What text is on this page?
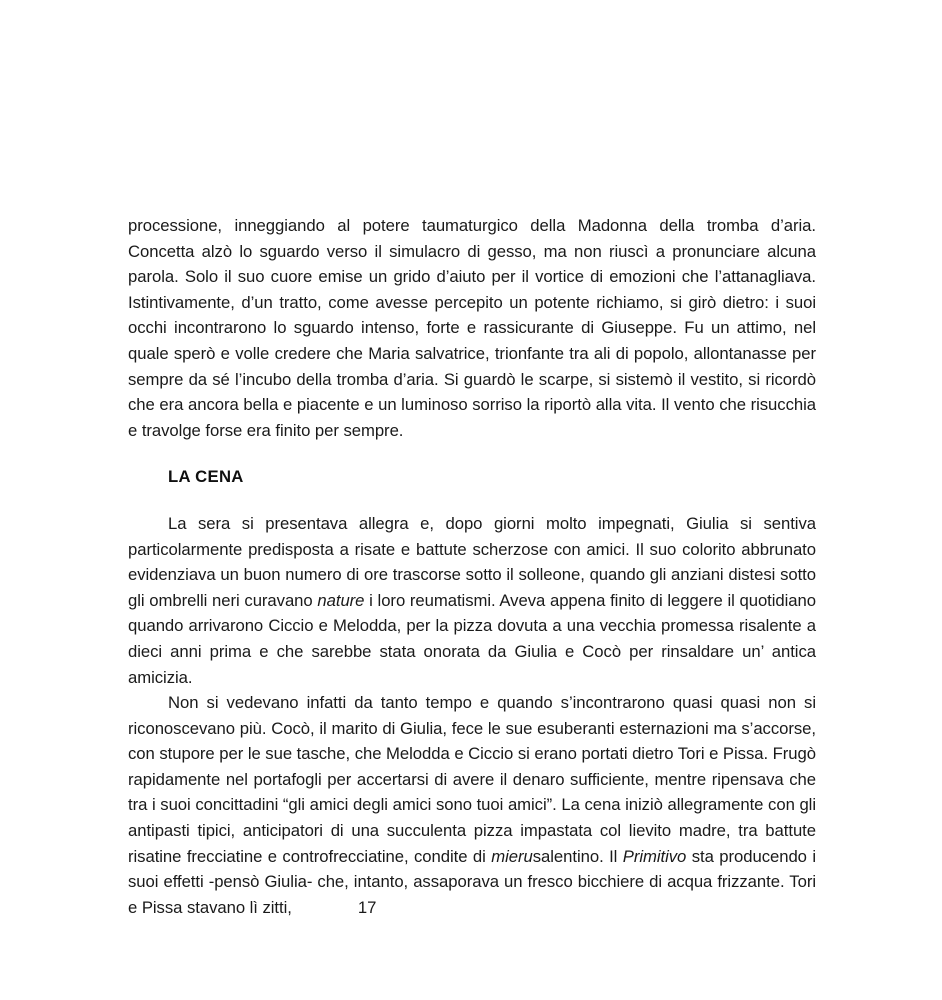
processione, inneggiando al potere taumaturgico della Madonna della tromba d’aria. Concetta alzò lo sguardo verso il simulacro di gesso, ma non riuscì a pronunciare alcuna parola. Solo il suo cuore emise un grido d’aiuto per il vortice di emozioni che l’attanagliava. Istintivamente, d’un tratto, come avesse percepito un potente richiamo, si girò dietro: i suoi occhi incontrarono lo sguardo intenso, forte e rassicurante di Giuseppe. Fu un attimo, nel quale sperò e volle credere che Maria salvatrice, trionfante tra ali di popolo, allontanasse per sempre da sé l’incubo della tromba d’aria. Si guardò le scarpe, si sistemò il vestito, si ricordò che era ancora bella e piacente e un luminoso sorriso la riportò alla vita. Il vento che risucchia e travolge forse era finito per sempre.

LA CENA

La sera si presentava allegra e, dopo giorni molto impegnati, Giulia si sentiva particolarmente predisposta a risate e battute scherzose con amici. Il suo colorito abbrunato evidenziava un buon numero di ore trascorse sotto il solleone, quando gli anziani distesi sotto gli ombrelli neri curavano nature i loro reumatismi. Aveva appena finito di leggere il quotidiano quando arrivarono Ciccio e Melodda, per la pizza dovuta a una vecchia promessa risalente a dieci anni prima e che sarebbe stata onorata da Giulia e Cocò per rinsaldare un’ antica amicizia.

Non si vedevano infatti da tanto tempo e quando s’incontrarono quasi quasi non si riconoscevano più. Cocò, il marito di Giulia, fece le sue esuberanti esternazioni ma s’accorse, con stupore per le sue tasche, che Melodda e Ciccio si erano portati dietro Tori e Pissa. Frugò rapidamente nel portafogli per accertarsi di avere il denaro sufficiente, mentre ripensava che tra i suoi concittadini “gli amici degli amici sono tuoi amici”. La cena iniziò allegramente con gli antipasti tipici, anticipatori di una succulenta pizza impastata col lievito madre, tra battute risatine frecciatine e controfrecciatine, condite di mierusalentino. Il Primitivo sta producendo i suoi effetti -pensò Giulia- che, intanto, assaporava un fresco bicchiere di acqua frizzante. Tori e Pissa stavano lì zitti,	17
